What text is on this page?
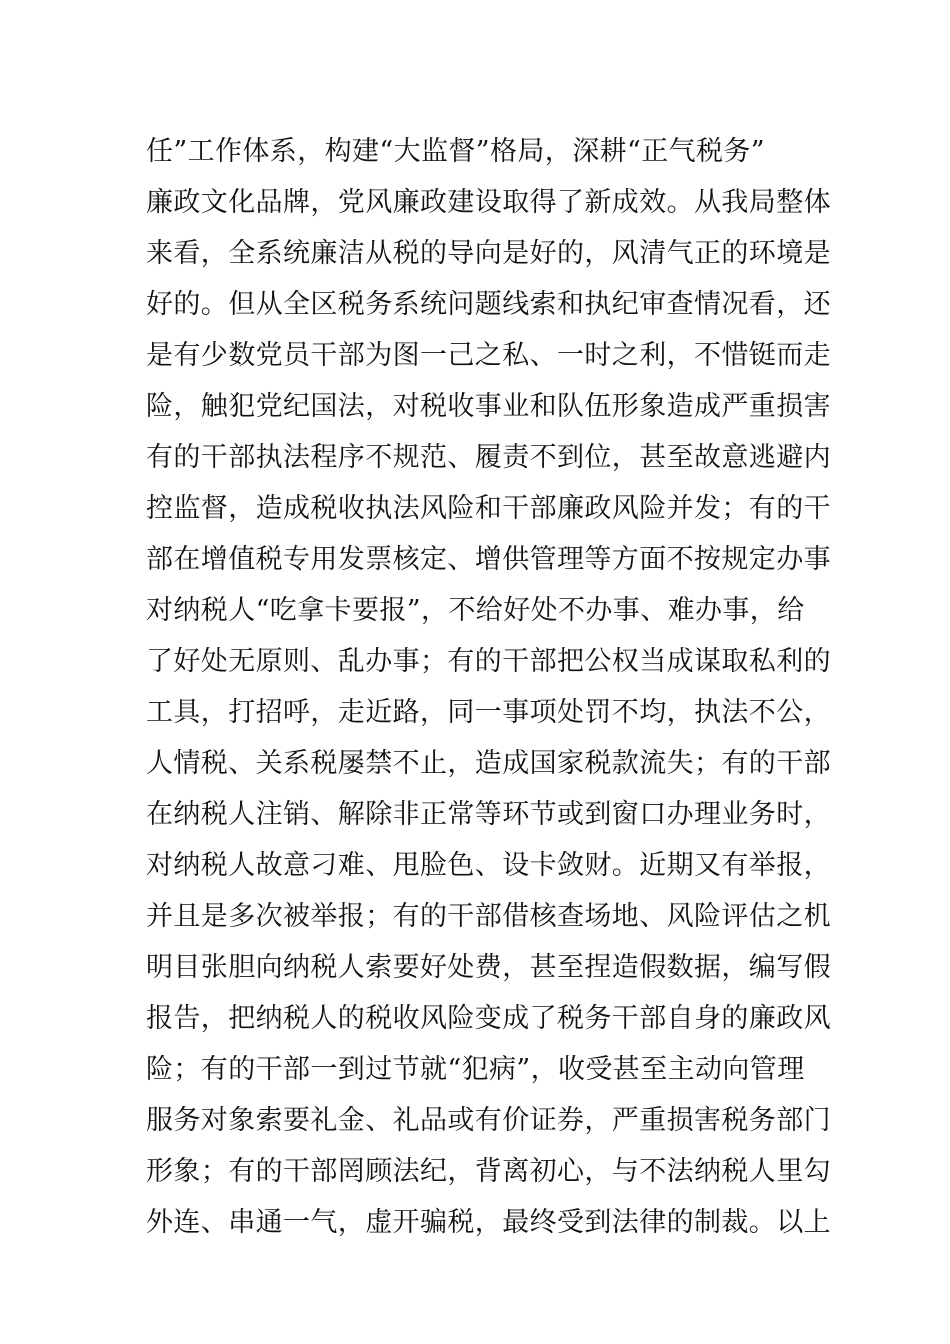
任”工作体系，构建“大监督”格局，深耕“正气税务”
廉政文化品牌，党风廉政建设取得了新成效。从我局整体
来看，全系统廉洁从税的导向是好的，风清气正的环境是
好的。但从全区税务系统问题线索和执纪审查情况看，还
是有少数党员干部为图一己之私、一时之利，不惜铤而走
险，触犯党纪国法，对税收事业和队伍形象造成严重损害
有的干部执法程序不规范、履责不到位，甚至故意逃避内
控监督，造成税收执法风险和干部廉政风险并发；有的干
部在增值税专用发票核定、增供管理等方面不按规定办事
对纳税人“吃拿卡要报”，不给好处不办事、难办事，给
了好处无原则、乱办事；有的干部把公权当成谋取私利的
工具，打招呼，走近路，同一事项处罚不均，执法不公，
人情税、关系税屡禁不止，造成国家税款流失；有的干部
在纳税人注销、解除非正常等环节或到窗口办理业务时，
对纳税人故意刁难、甩脸色、设卡敛财。近期又有举报，
并且是多次被举报；有的干部借核查场地、风险评估之机
明目张胆向纳税人索要好处费，甚至捏造假数据，编写假
报告，把纳税人的税收风险变成了税务干部自身的廉政风
险；有的干部一到过节就“犯病”，收受甚至主动向管理
服务对象索要礼金、礼品或有价证券，严重损害税务部门
形象；有的干部罔顾法纪，背离初心，与不法纳税人里勾
外连、串通一气，虚开骗税，最终受到法律的制裁。以上
